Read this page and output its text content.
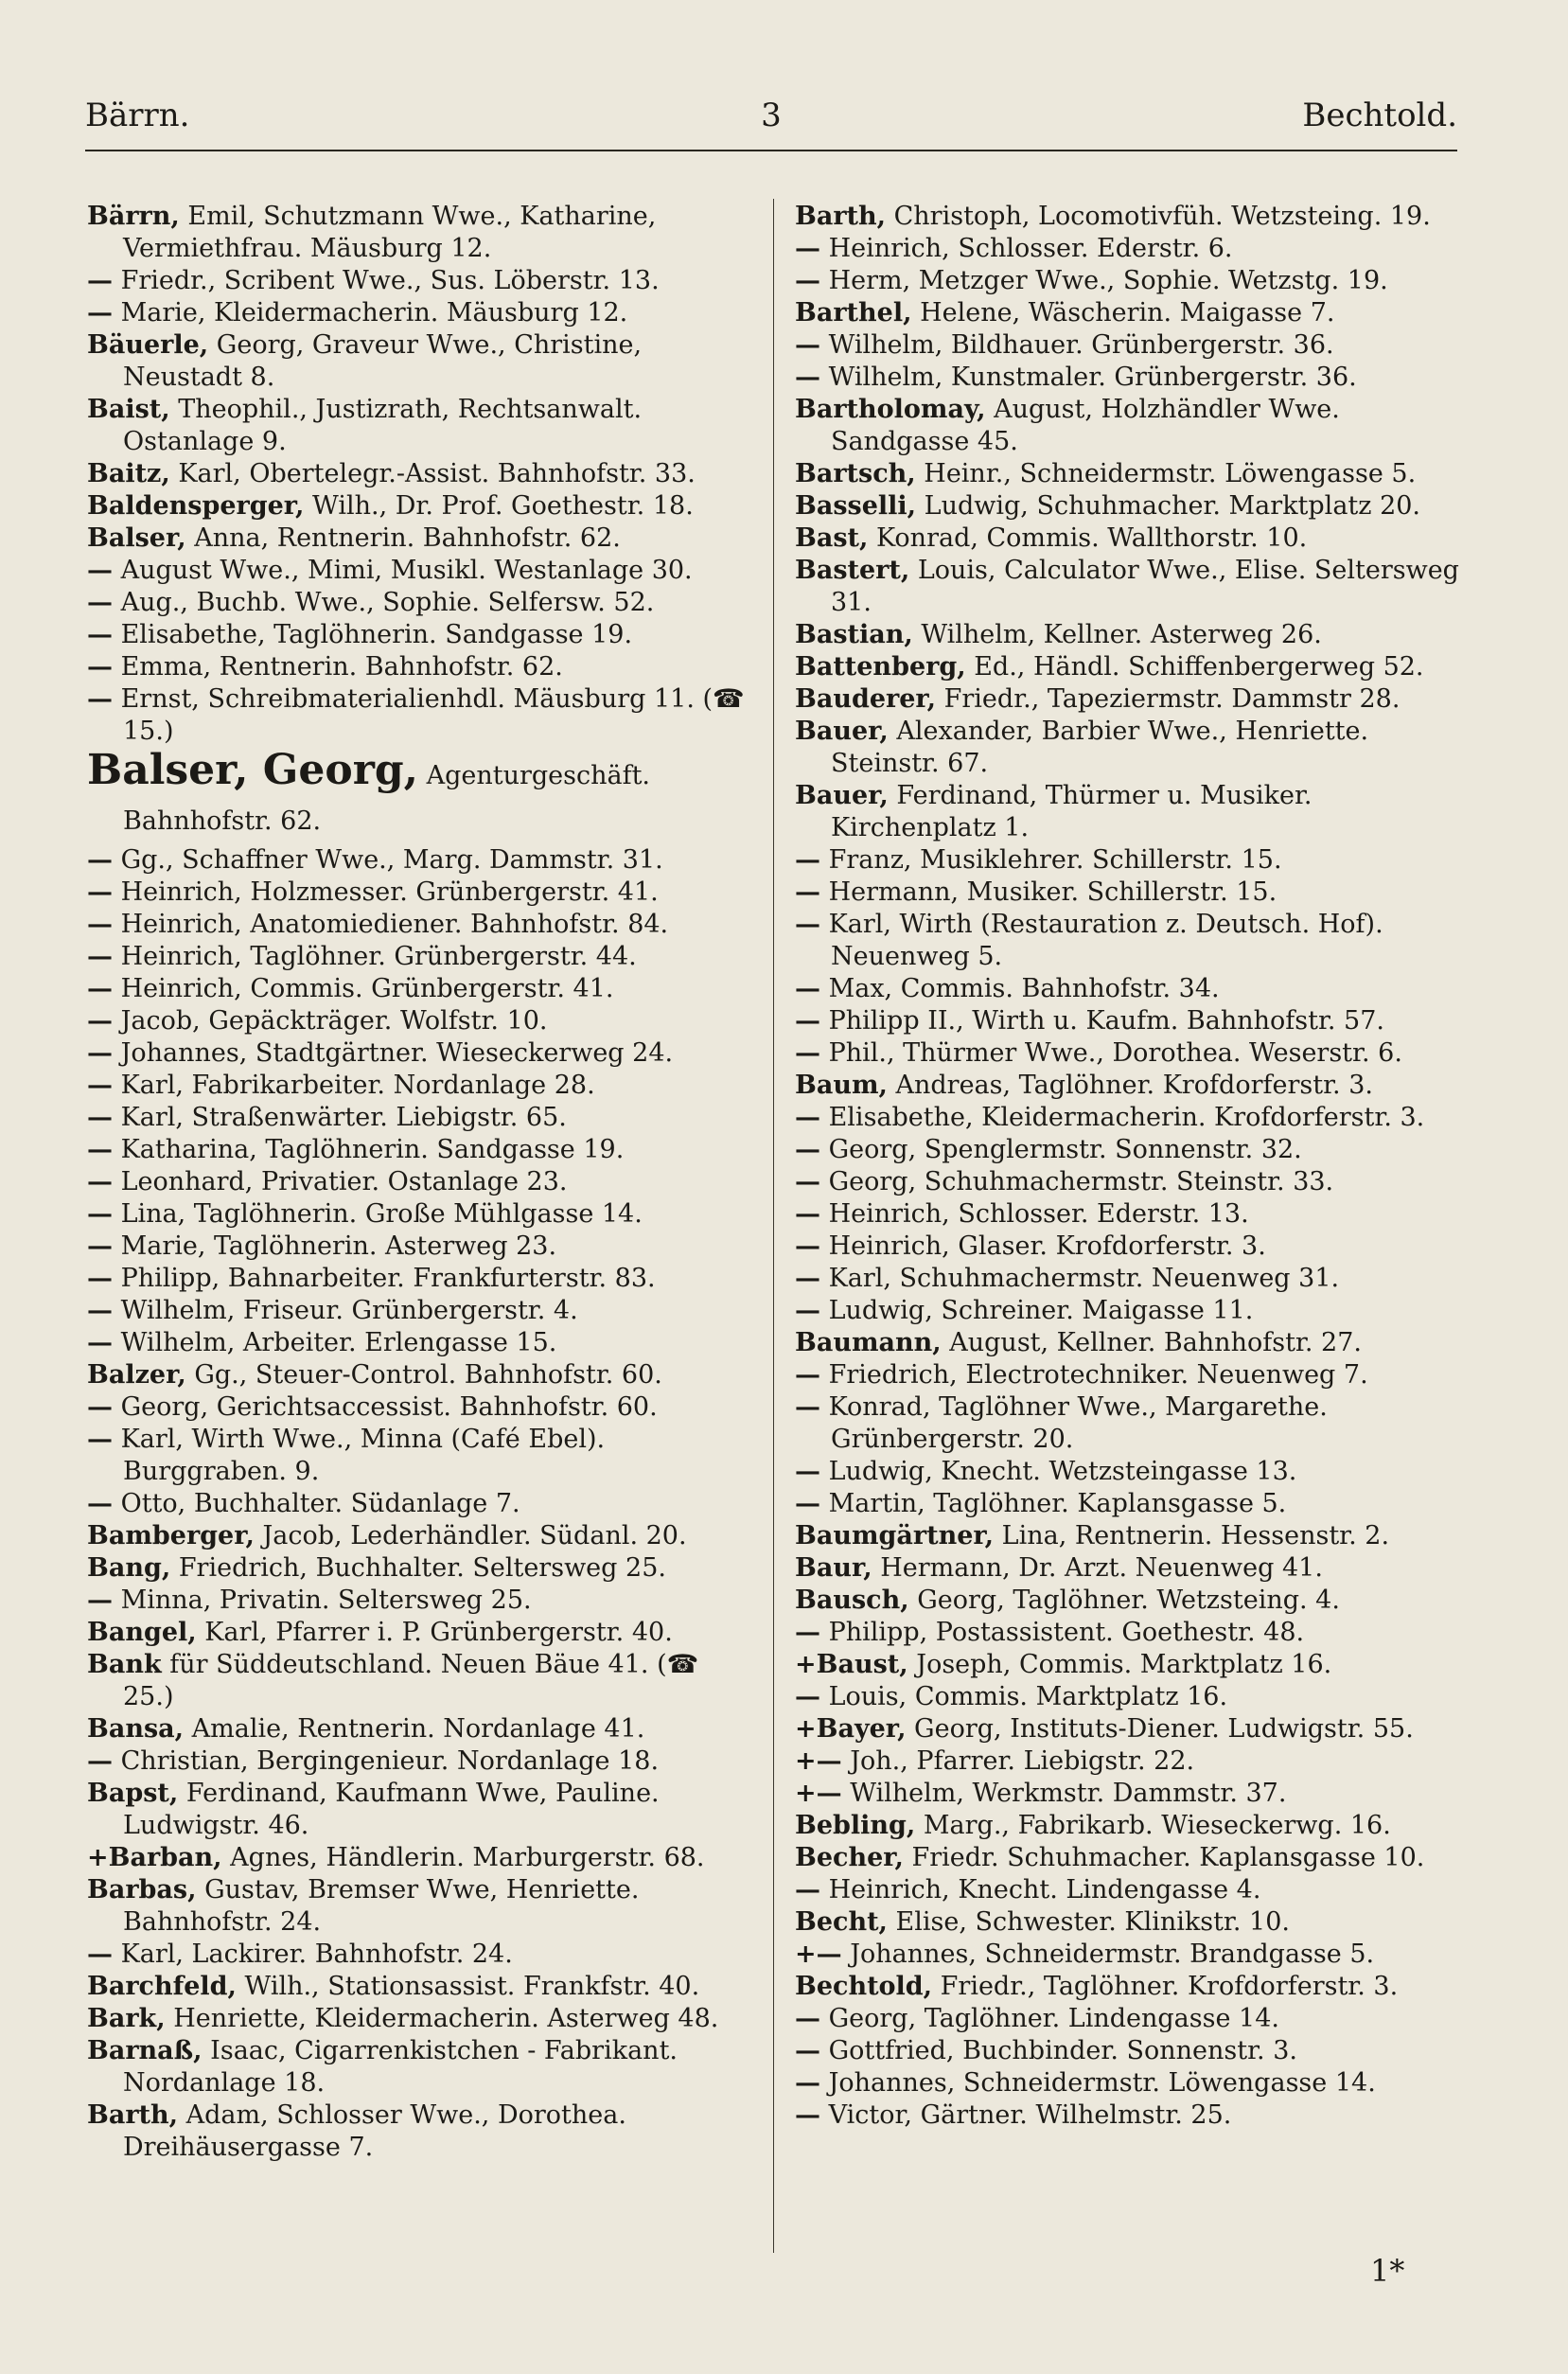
Bärrn.	3	Bechtold.
Bärrn, Emil, Schutzmann Wwe., Katharine, Vermiethfrau. Mäusburg 12.
— Friedr., Scribent Wwe., Sus. Löberstr. 13.
— Marie, Kleidermacherin. Mäusburg 12.
Bäuerle, Georg, Graveur Wwe., Christine, Neustadt 8.
Baist, Theophil., Justizrath, Rechtsanwalt. Ostanlage 9.
Baitz, Karl, Obertelegr.-Assist. Bahnhofstr. 33.
Baldensperger, Wilh., Dr. Prof. Goethestr. 18.
Balser, Anna, Rentnerin. Bahnhofstr. 62.
— August Wwe., Mimi, Musikl. Westanlage 30.
— Aug., Buchb. Wwe., Sophie. Selfersw. 52.
— Elisabethe, Taglöhnerin. Sandgasse 19.
— Emma, Rentnerin. Bahnhofstr. 62.
— Ernst, Schreibmaterialienhdl. Mäusburg 11. (☎ 15.)
Balser, Georg, Agenturgeschäft. Bahnhofstr. 62.
— Gg., Schaffner Wwe., Marg. Dammstr. 31.
— Heinrich, Holzmesser. Grünbergerstr. 41.
— Heinrich, Anatomiediener. Bahnhofstr. 84.
— Heinrich, Taglöhner. Grünbergerstr. 44.
— Heinrich, Commis. Grünbergerstr. 41.
— Jacob, Gepäckträger. Wolfstr. 10.
— Johannes, Stadtgärtner. Wieseckerweg 24.
— Karl, Fabrikarbeiter. Nordanlage 28.
— Karl, Straßenwärter. Liebigstr. 65.
— Katharina, Taglöhnerin. Sandgasse 19.
— Leonhard, Privatier. Ostanlage 23.
— Lina, Taglöhnerin. Große Mühlgasse 14.
— Marie, Taglöhnerin. Asterweg 23.
— Philipp, Bahnarbeiter. Frankfurterstr. 83.
— Wilhelm, Friseur. Grünbergerstr. 4.
— Wilhelm, Arbeiter. Erlengasse 15.
Balzer, Gg., Steuer-Control. Bahnhofstr. 60.
— Georg, Gerichtsaccessist. Bahnhofstr. 60.
— Karl, Wirth Wwe., Minna (Café Ebel). Burggraben. 9.
— Otto, Buchhalter. Südanlage 7.
Bamberger, Jacob, Lederhändler. Südanl. 20.
Bang, Friedrich, Buchhalter. Seltersweg 25.
— Minna, Privatin. Seltersweg 25.
Bangel, Karl, Pfarrer i. P. Grünbergerstr. 40.
Bank für Süddeutschland. Neuen Bäue 41. (☎ 25.)
Bansa, Amalie, Rentnerin. Nordanlage 41.
— Christian, Bergingenieur. Nordanlage 18.
Bapst, Ferdinand, Kaufmann Wwe, Pauline. Ludwigstr. 46.
+Barban, Agnes, Händlerin. Marburgerstr. 68.
Barbas, Gustav, Bremser Wwe, Henriette. Bahnhofstr. 24.
— Karl, Lackirer. Bahnhofstr. 24.
Barchfeld, Wilh., Stationsassist. Frankfstr. 40.
Bark, Henriette, Kleidermacherin. Asterweg 48.
Barnaß, Isaac, Cigarrenkistchen - Fabrikant. Nordanlage 18.
Barth, Adam, Schlosser Wwe., Dorothea. Dreihäusergasse 7.
Barth, Christoph, Locomotivfüh. Wetzsteing. 19.
— Heinrich, Schlosser. Ederstr. 6.
— Herm, Metzger Wwe., Sophie. Wetzstg. 19.
Barthel, Helene, Wäscherin. Maigasse 7.
— Wilhelm, Bildhauer. Grünbergerstr. 36.
— Wilhelm, Kunstmaler. Grünbergerstr. 36.
Bartholomay, August, Holzhändler Wwe. Sandgasse 45.
Bartsch, Heinr., Schneidermstr. Löwengasse 5.
Basselli, Ludwig, Schuhmacher. Marktplatz 20.
Bast, Konrad, Commis. Wallthorstr. 10.
Bastert, Louis, Calculator Wwe., Elise. Seltersweg 31.
Bastian, Wilhelm, Kellner. Asterweg 26.
Battenberg, Ed., Händl. Schiffenbergerweg 52.
Bauderer, Friedr., Tapeziermstr. Dammstr 28.
Bauer, Alexander, Barbier Wwe., Henriette. Steinstr. 67.
Bauer, Ferdinand, Thürmer u. Musiker. Kirchenplatz 1.
— Franz, Musiklehrer. Schillerstr. 15.
— Hermann, Musiker. Schillerstr. 15.
— Karl, Wirth (Restauration z. Deutsch. Hof). Neuenweg 5.
— Max, Commis. Bahnhofstr. 34.
— Philipp II., Wirth u. Kaufm. Bahnhofstr. 57.
— Phil., Thürmer Wwe., Dorothea. Weserstr. 6.
Baum, Andreas, Taglöhner. Krofdorferstr. 3.
— Elisabethe, Kleidermacherin. Krofdorferstr. 3.
— Georg, Spenglermstr. Sonnenstr. 32.
— Georg, Schuhmachermstr. Steinstr. 33.
— Heinrich, Schlosser. Ederstr. 13.
— Heinrich, Glaser. Krofdorferstr. 3.
— Karl, Schuhmachermstr. Neuenweg 31.
— Ludwig, Schreiner. Maigasse 11.
Baumann, August, Kellner. Bahnhofstr. 27.
— Friedrich, Electrotechniker. Neuenweg 7.
— Konrad, Taglöhner Wwe., Margarethe. Grünbergerstr. 20.
— Ludwig, Knecht. Wetzsteingasse 13.
— Martin, Taglöhner. Kaplansgasse 5.
Baumgärtner, Lina, Rentnerin. Hessenstr. 2.
Baur, Hermann, Dr. Arzt. Neuenweg 41.
Bausch, Georg, Taglöhner. Wetzsteing. 4.
— Philipp, Postassistent. Goethestr. 48.
+Baust, Joseph, Commis. Marktplatz 16.
— Louis, Commis. Marktplatz 16.
+Bayer, Georg, Instituts-Diener. Ludwigstr. 55.
+— Joh., Pfarrer. Liebigstr. 22.
+— Wilhelm, Werkmstr. Dammstr. 37.
Bebling, Marg., Fabrikarb. Wieseckerwg. 16.
Becher, Friedr. Schuhmacher. Kaplansgasse 10.
— Heinrich, Knecht. Lindengasse 4.
Becht, Elise, Schwester. Klinikstr. 10.
+— Johannes, Schneidermstr. Brandgasse 5.
Bechtold, Friedr., Taglöhner. Krofdorferstr. 3.
— Georg, Taglöhner. Lindengasse 14.
— Gottfried, Buchbinder. Sonnenstr. 3.
— Johannes, Schneidermstr. Löwengasse 14.
— Victor, Gärtner. Wilhelmstr. 25.
1*
